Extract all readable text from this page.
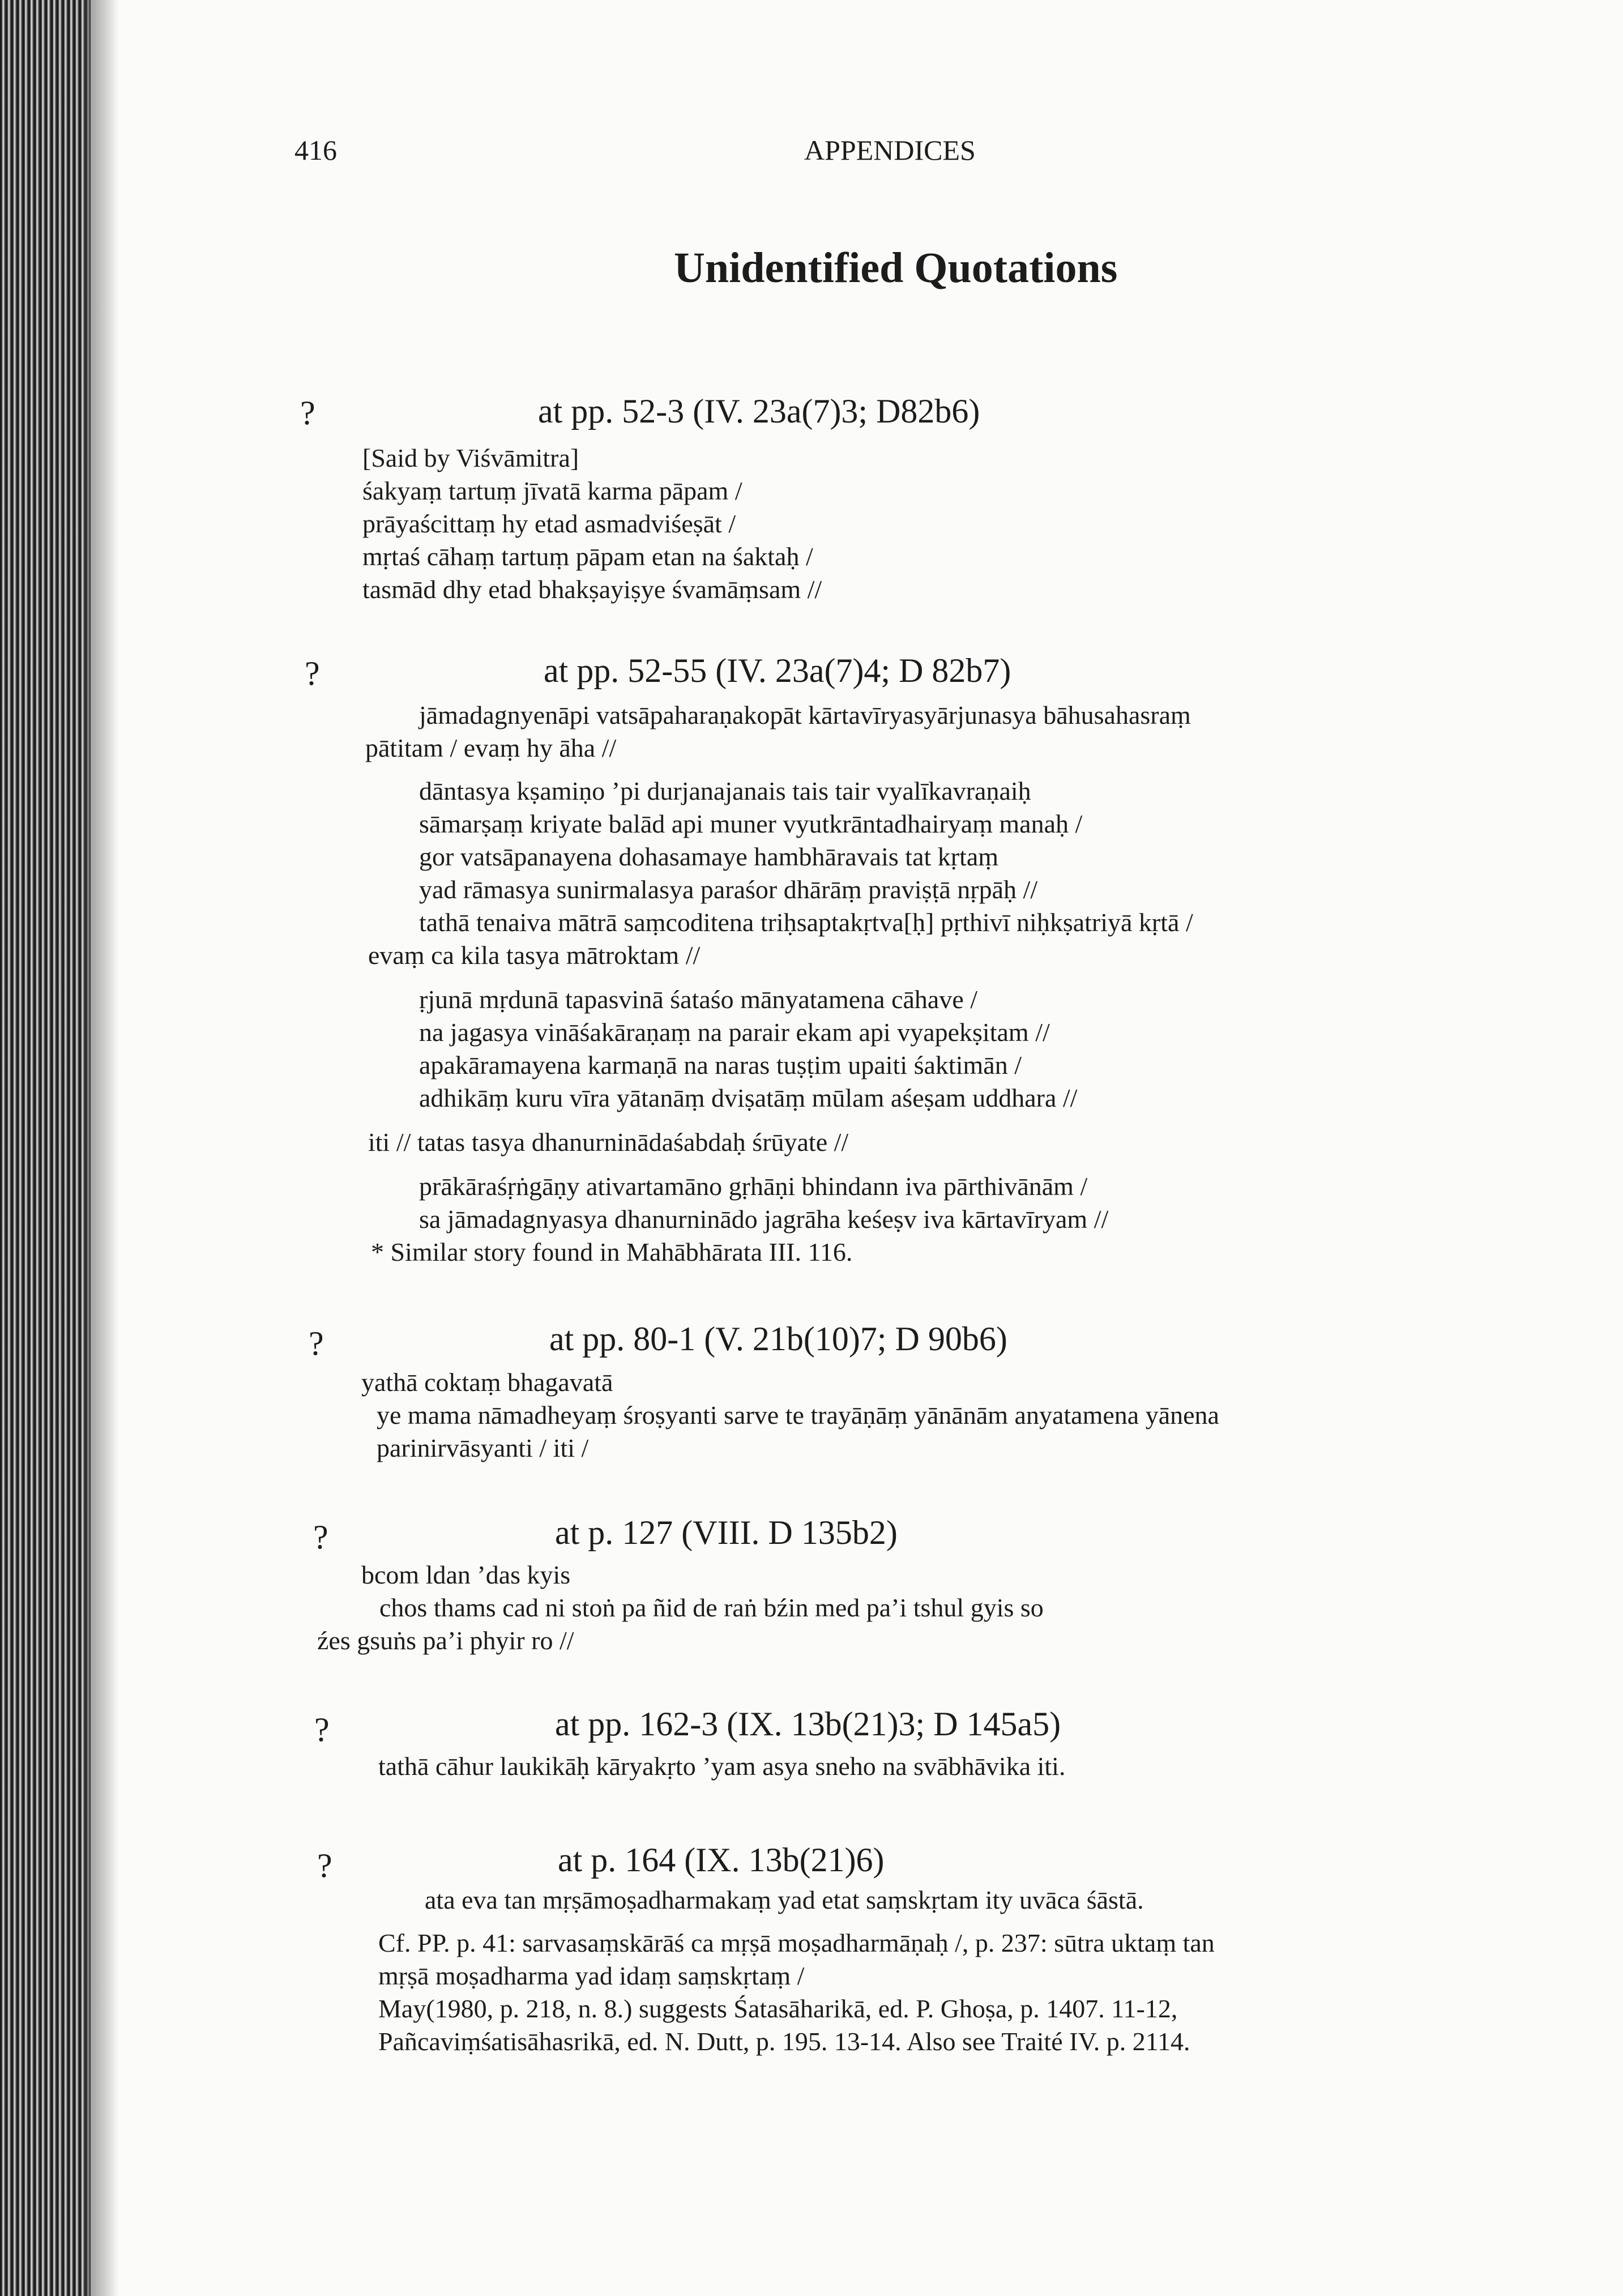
416	APPENDICES
Unidentified Quotations
?	at pp. 52-3 (IV. 23a(7)3; D82b6)
[Said by Viśvāmitra]
śakyaṃ tartuṃ jīvatā karma pāpam /
prāyaścittaṃ hy etad asmadviśeṣāt /
mṛtaś cāhaṃ tartuṃ pāpam etan na śaktaḥ /
tasmād dhy etad bhakṣayiṣye śvamāṃsam //
?	at pp. 52-55 (IV. 23a(7)4; D 82b7)
jāmadagnyenāpi vatsāpaharaṇakopāt kārtavīryasyārjunasya bāhusahasraṃ
pātitam / evaṃ hy āha //
dāntasya kṣamiṇo ’pi durjanajanais tais tair vyalīkavraṇaiḥ
sāmarṣaṃ kriyate balād api muner vyutkrāntadhairyaṃ manaḥ /
gor vatsāpanayena dohasamaye hambhāravais tat kṛtaṃ
yad rāmasya sunirmalasya paraśor dhārāṃ praviṣṭā nṛpāḥ //
tathā tenaiva mātrā saṃcoditena triḥsaptakṛtva[ḥ] pṛthivī niḥkṣatriyā kṛtā /
evaṃ ca kila tasya mātroktam //
ṛjunā mṛdunā tapasvinā śataśo mānyatamena cāhave /
na jagasya vināśakāraṇaṃ na parair ekam api vyapekṣitam //
apakāramayena karmaṇā na naras tuṣṭim upaiti śaktimān /
adhikāṃ kuru vīra yātanāṃ dviṣatāṃ mūlam aśeṣam uddhara //
iti // tatas tasya dhanurninādaśabdaḥ śrūyate //
prākāraśṛṅgāṇy ativartamāno gṛhāṇi bhindann iva pārthivānām /
sa jāmadagnyasya dhanurninādo jagrāha keśeṣv iva kārtavīryam //
* Similar story found in Mahābhārata III. 116.
?	at pp. 80-1 (V. 21b(10)7; D 90b6)
yathā coktaṃ bhagavatā
ye mama nāmadheyaṃ śroṣyanti sarve te trayāṇāṃ yānānām anyatamena yānena
parinirvāsyanti / iti /
?	at p. 127 (VIII. D 135b2)
bcom ldan ’das kyis
chos thams cad ni stoṅ pa ñid de raṅ bźin med pa’i tshul gyis so
źes gsuṅs pa’i phyir ro //
?	at pp. 162-3 (IX. 13b(21)3; D 145a5)
tathā cāhur laukikāḥ kāryakṛto ’yam asya sneho na svābhāvika iti.
?	at p. 164 (IX. 13b(21)6)
ata eva tan mṛṣāmoṣadharmakaṃ yad etat saṃskṛtam ity uvāca śāstā.
Cf. PP. p. 41: sarvasaṃskārāś ca mṛṣā moṣadharmāṇaḥ /, p. 237: sūtra uktaṃ tan
mṛṣā moṣadharma yad idaṃ saṃskṛtaṃ /
May(1980, p. 218, n. 8.) suggests Śatasāharikā, ed. P. Ghoṣa, p. 1407. 11-12,
Pañcaviṃśatisāhasrikā, ed. N. Dutt, p. 195. 13-14. Also see Traité IV. p. 2114.
